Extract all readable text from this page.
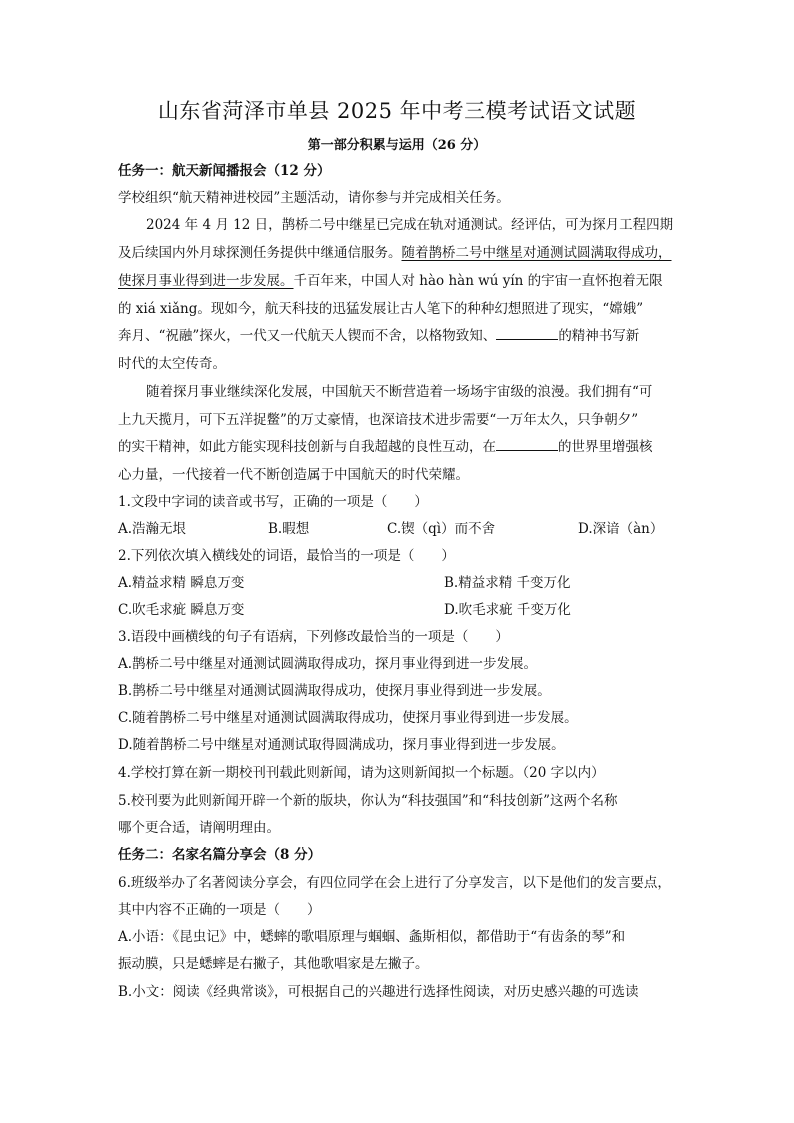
山东省菏泽市单县 2025 年中考三模考试语文试题
第一部分积累与运用（26 分）
任务一：航天新闻播报会（12 分）
学校组织“航天精神进校园”主题活动，请你参与并完成相关任务。
2024 年 4 月 12 日，鹊桥二号中继星已完成在轨对通测试。经评估，可为探月工程四期
及后续国内外月球探测任务提供中继通信服务。随着鹊桥二号中继星对通测试圆满取得成功，
使探月事业得到进一步发展。千百年来，中国人对 hào hàn wú yín 的宇宙一直怀抱着无限
的 xiá xiǎng。现如今，航天科技的迅猛发展让古人笔下的种种幻想照进了现实，“嫦娥”
奔月、“祝融”探火，一代又一代航天人锲而不舍，以格物致知、	的精神书写新
时代的太空传奇。
随着探月事业继续深化发展，中国航天不断营造着一场场宇宙级的浪漫。我们拥有“可
上九天揽月，可下五洋捉鳖”的万丈豪情，也深谙技术进步需要“一万年太久，只争朝夕”
的实干精神，如此方能实现科技创新与自我超越的良性互动，在	的世界里增强核
心力量，一代接着一代不断创造属于中国航天的时代荣耀。
1.文段中字词的读音或书写，正确的一项是（　　）
A.浩瀚无垠	B.暇想	C.锲（qì）而不舍	D.深谙（àn）
2.下列依次填入横线处的词语，最恰当的一项是（　　）
A.精益求精 瞬息万变	B.精益求精 千变万化
C.吹毛求疵 瞬息万变	D.吹毛求疵 千变万化
3.语段中画横线的句子有语病，下列修改最恰当的一项是（　　）
A.鹊桥二号中继星对通测试圆满取得成功，探月事业得到进一步发展。
B.鹊桥二号中继星对通测试圆满取得成功，使探月事业得到进一步发展。
C.随着鹊桥二号中继星对通测试圆满取得成功，使探月事业得到进一步发展。
D.随着鹊桥二号中继星对通测试取得圆满成功，探月事业得到进一步发展。
4.学校打算在新一期校刊刊载此则新闻，请为这则新闻拟一个标题。（20 字以内）
5.校刊要为此则新闻开辟一个新的版块，你认为“科技强国”和“科技创新”这两个名称
哪个更合适，请阐明理由。
任务二：名家名篇分享会（8 分）
6.班级举办了名著阅读分享会，有四位同学在会上进行了分享发言，以下是他们的发言要点，
其中内容不正确的一项是（　　）
A.小语：《昆虫记》中，蟋蟀的歌唱原理与蝈蝈、螽斯相似，都借助于“有齿条的琴”和
振动膜，只是蟋蟀是右撇子，其他歌唱家是左撇子。
B.小文：阅读《经典常谈》，可根据自己的兴趣进行选择性阅读，对历史感兴趣的可选读
